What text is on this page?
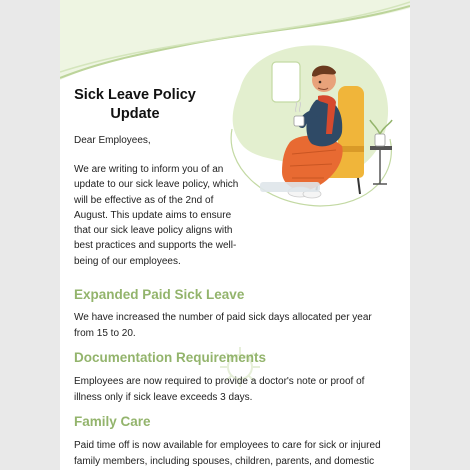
Sick Leave Policy Update
Dear Employees,
We are writing to inform you of an update to our sick leave policy, which will be effective as of the 2nd of August. This update aims to ensure that our sick leave policy aligns with best practices and supports the well-being of our employees.
Expanded Paid Sick Leave
We have increased the number of paid sick days allocated per year from 15 to 20.
Documentation Requirements
Employees are now required to provide a doctor's note or proof of illness only if sick leave exceeds 3 days.
Family Care
Paid time off is now available for employees to care for sick or injured family members, including spouses, children, parents, and domestic
